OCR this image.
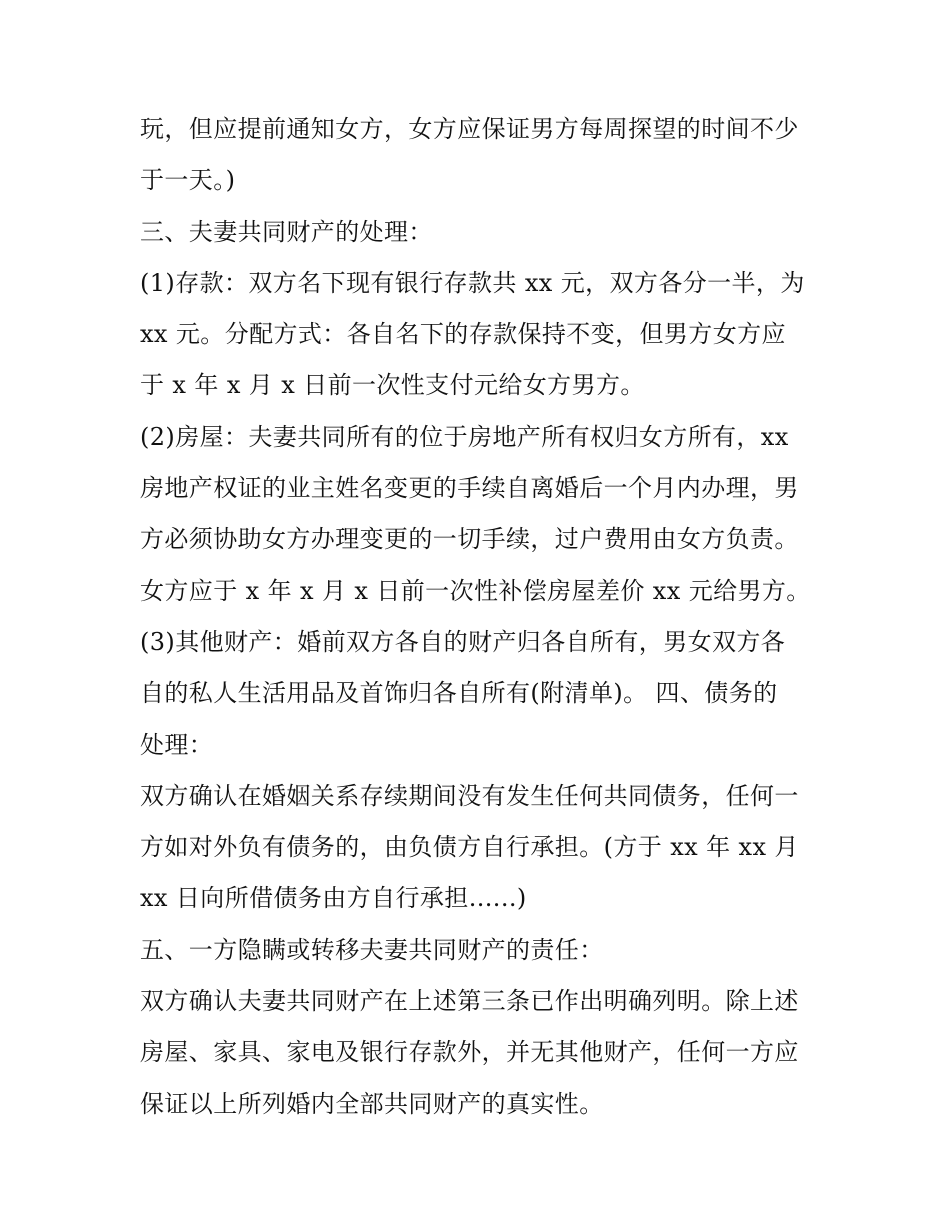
玩，但应提前通知女方，女方应保证男方每周探望的时间不少
于一天。)
三、夫妻共同财产的处理：
(1)存款：双方名下现有银行存款共 xx 元，双方各分一半，为
xx 元。分配方式：各自名下的存款保持不变，但男方女方应
于 x 年 x 月 x 日前一次性支付元给女方男方。
(2)房屋：夫妻共同所有的位于房地产所有权归女方所有，xx
房地产权证的业主姓名变更的手续自离婚后一个月内办理，男
方必须协助女方办理变更的一切手续，过户费用由女方负责。
女方应于 x 年 x 月 x 日前一次性补偿房屋差价 xx 元给男方。
(3)其他财产：婚前双方各自的财产归各自所有，男女双方各
自的私人生活用品及首饰归各自所有(附清单)。 四、债务的
处理：
双方确认在婚姻关系存续期间没有发生任何共同债务，任何一
方如对外负有债务的，由负债方自行承担。(方于 xx 年 xx 月
xx 日向所借债务由方自行承担......)
五、一方隐瞒或转移夫妻共同财产的责任：
双方确认夫妻共同财产在上述第三条已作出明确列明。除上述
房屋、家具、家电及银行存款外，并无其他财产，任何一方应
保证以上所列婚内全部共同财产的真实性。
